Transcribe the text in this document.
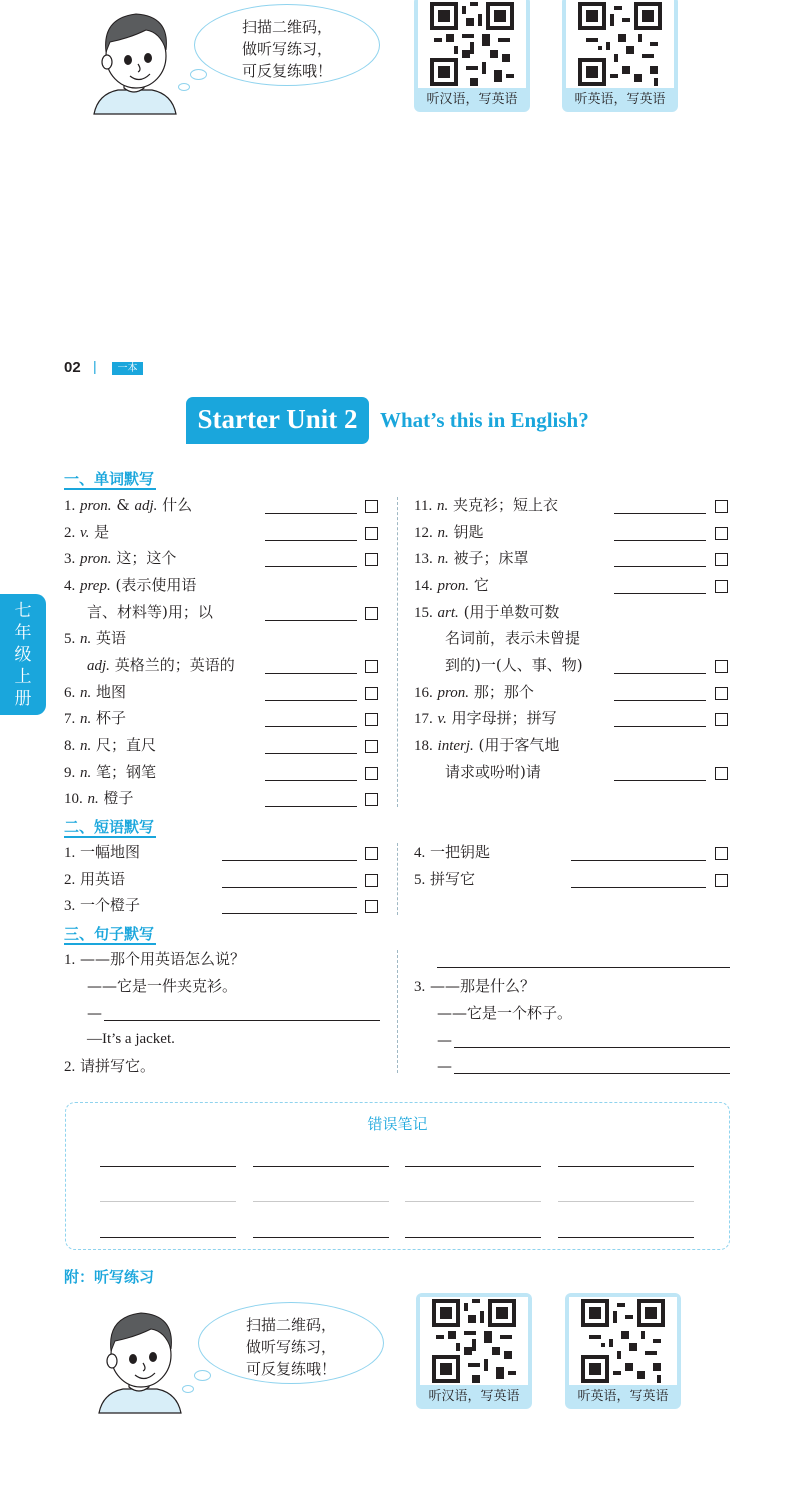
扫描二维码，
做听写练习，
可反复练哦！
听汉语，写英语	听英语，写英语
02 |	一本
Starter Unit 2	What’s this in English?
七
年
级
上
册
一、单词默写
1. pron. & adj. 什么
2. v. 是
3. pron. 这；这个
4. prep. (表示使用语
言、材料等)用；以
5. n. 英语
adj. 英格兰的；英语的
6. n. 地图
7. n. 杯子
8. n. 尺；直尺
9. n. 笔；钢笔
10. n. 橙子
11. n. 夹克衫；短上衣
12. n. 钥匙
13. n. 被子；床罩
14. pron. 它
15. art. (用于单数可数
名词前，表示未曾提
到的)一(人、事、物)
16. pron. 那；那个
17. v. 用字母拼；拼写
18. interj. (用于客气地
请求或吩咐)请
二、短语默写
1. 一幅地图
2. 用英语
3. 一个橙子
4. 一把钥匙
5. 拼写它
三、句子默写
1. ——那个用英语怎么说？
——它是一件夹克衫。
—
—It’s a jacket.
2. 请拼写它。
3. ——那是什么？
——它是一个杯子。
—
—
错误笔记
附：听写练习
扫描二维码，
做听写练习，
可反复练哦！
听汉语，写英语	听英语，写英语
